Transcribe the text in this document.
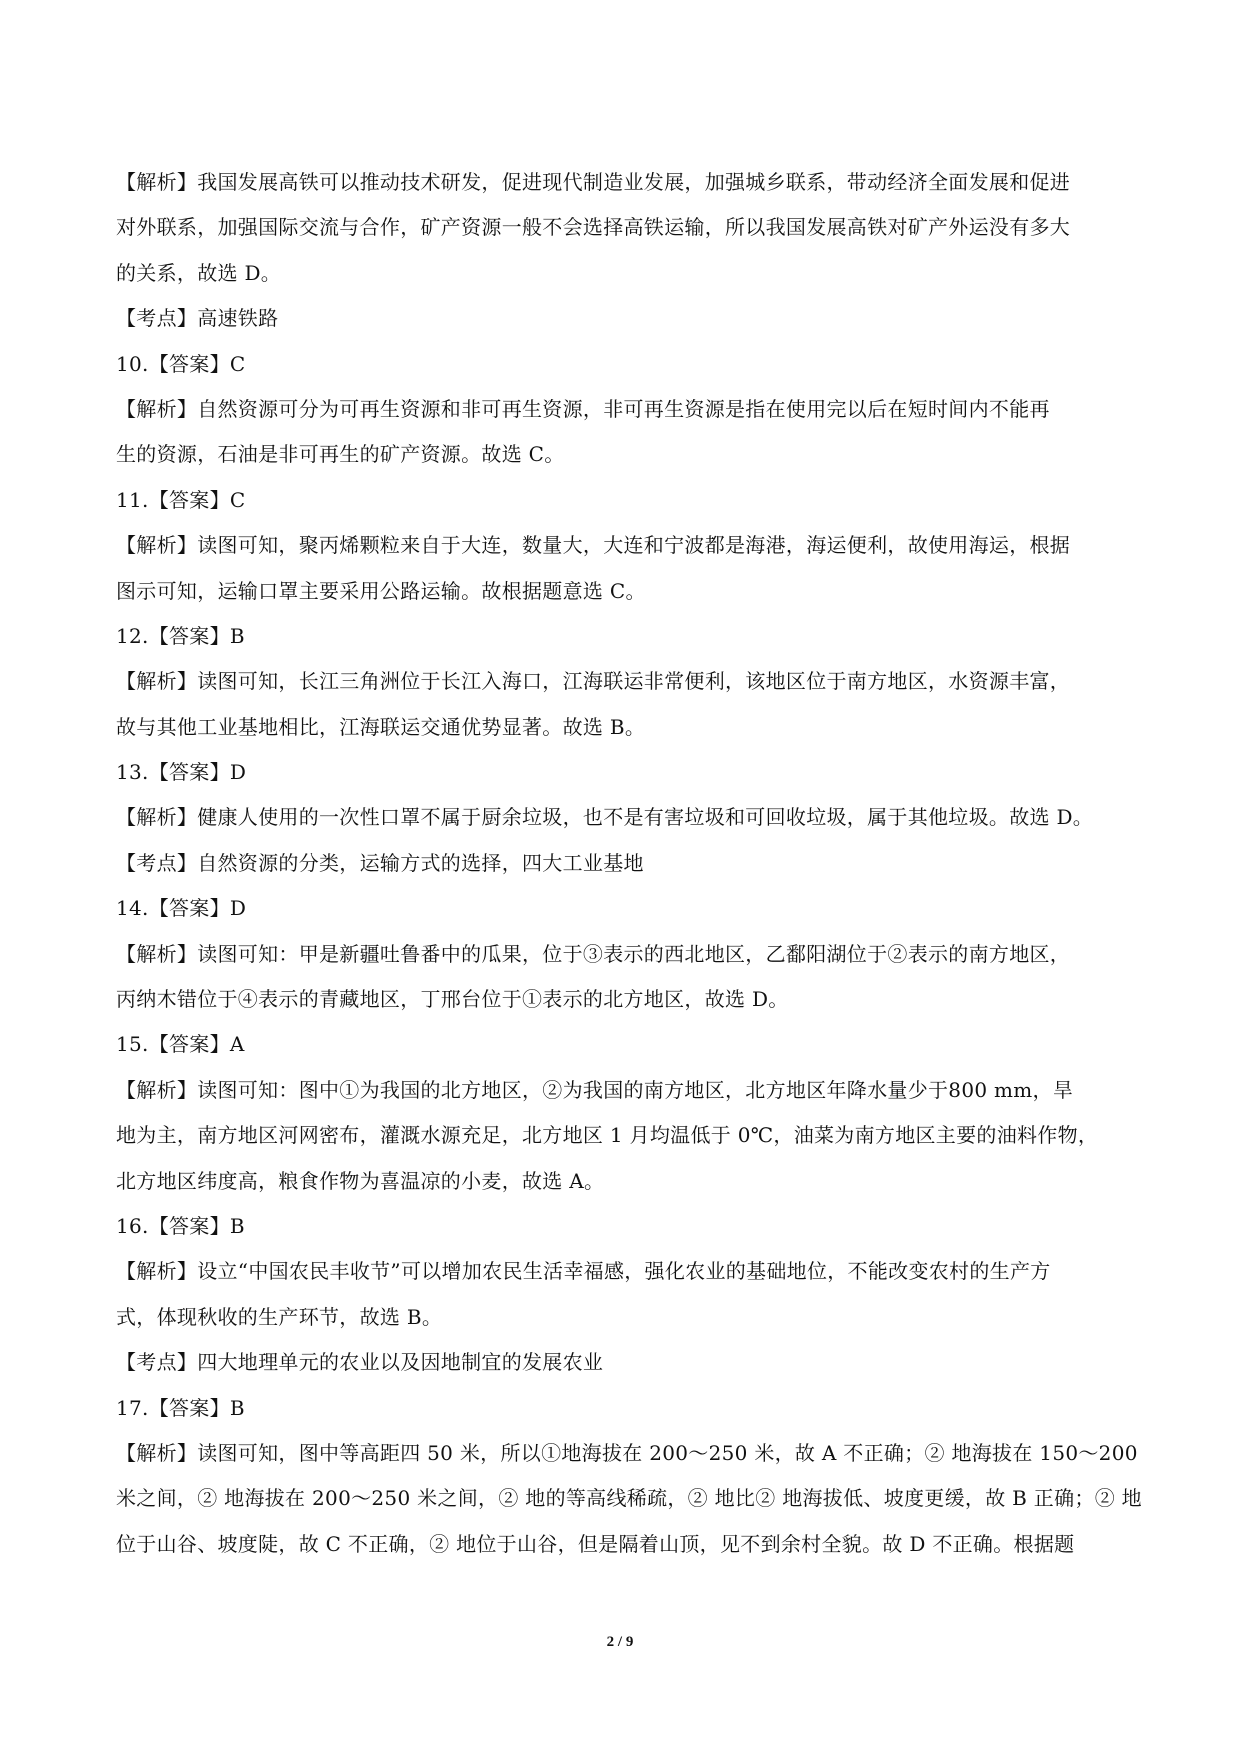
【解析】我国发展高铁可以推动技术研发，促进现代制造业发展，加强城乡联系，带动经济全面发展和促进
对外联系，加强国际交流与合作，矿产资源一般不会选择高铁运输，所以我国发展高铁对矿产外运没有多大
的关系，故选 D。
【考点】高速铁路
10.【答案】C
【解析】自然资源可分为可再生资源和非可再生资源，非可再生资源是指在使用完以后在短时间内不能再
生的资源，石油是非可再生的矿产资源。故选 C。
11.【答案】C
【解析】读图可知，聚丙烯颗粒来自于大连，数量大，大连和宁波都是海港，海运便利，故使用海运，根据
图示可知，运输口罩主要采用公路运输。故根据题意选 C。
12.【答案】B
【解析】读图可知，长江三角洲位于长江入海口，江海联运非常便利，该地区位于南方地区，水资源丰富，
故与其他工业基地相比，江海联运交通优势显著。故选 B。
13.【答案】D
【解析】健康人使用的一次性口罩不属于厨余垃圾，也不是有害垃圾和可回收垃圾，属于其他垃圾。故选 D。
【考点】自然资源的分类，运输方式的选择，四大工业基地
14.【答案】D
【解析】读图可知：甲是新疆吐鲁番中的瓜果，位于③表示的西北地区，乙鄱阳湖位于②表示的南方地区，
丙纳木错位于④表示的青藏地区，丁邢台位于①表示的北方地区，故选 D。
15.【答案】A
【解析】读图可知：图中①为我国的北方地区，②为我国的南方地区，北方地区年降水量少于800 mm，旱
地为主，南方地区河网密布，灌溉水源充足，北方地区 1 月均温低于 0℃，油菜为南方地区主要的油料作物，
北方地区纬度高，粮食作物为喜温凉的小麦，故选 A。
16.【答案】B
【解析】设立“中国农民丰收节”可以增加农民生活幸福感，强化农业的基础地位，不能改变农村的生产方
式，体现秋收的生产环节，故选 B。
【考点】四大地理单元的农业以及因地制宜的发展农业
17.【答案】B
【解析】读图可知，图中等高距四 50 米，所以①地海拔在 200～250 米，故 A 不正确；② 地海拔在 150～200
米之间，② 地海拔在 200～250 米之间，② 地的等高线稀疏，② 地比② 地海拔低、坡度更缓，故 B 正确；② 地
位于山谷、坡度陡，故 C 不正确，② 地位于山谷，但是隔着山顶，见不到余村全貌。故 D 不正确。根据题
2 / 9
